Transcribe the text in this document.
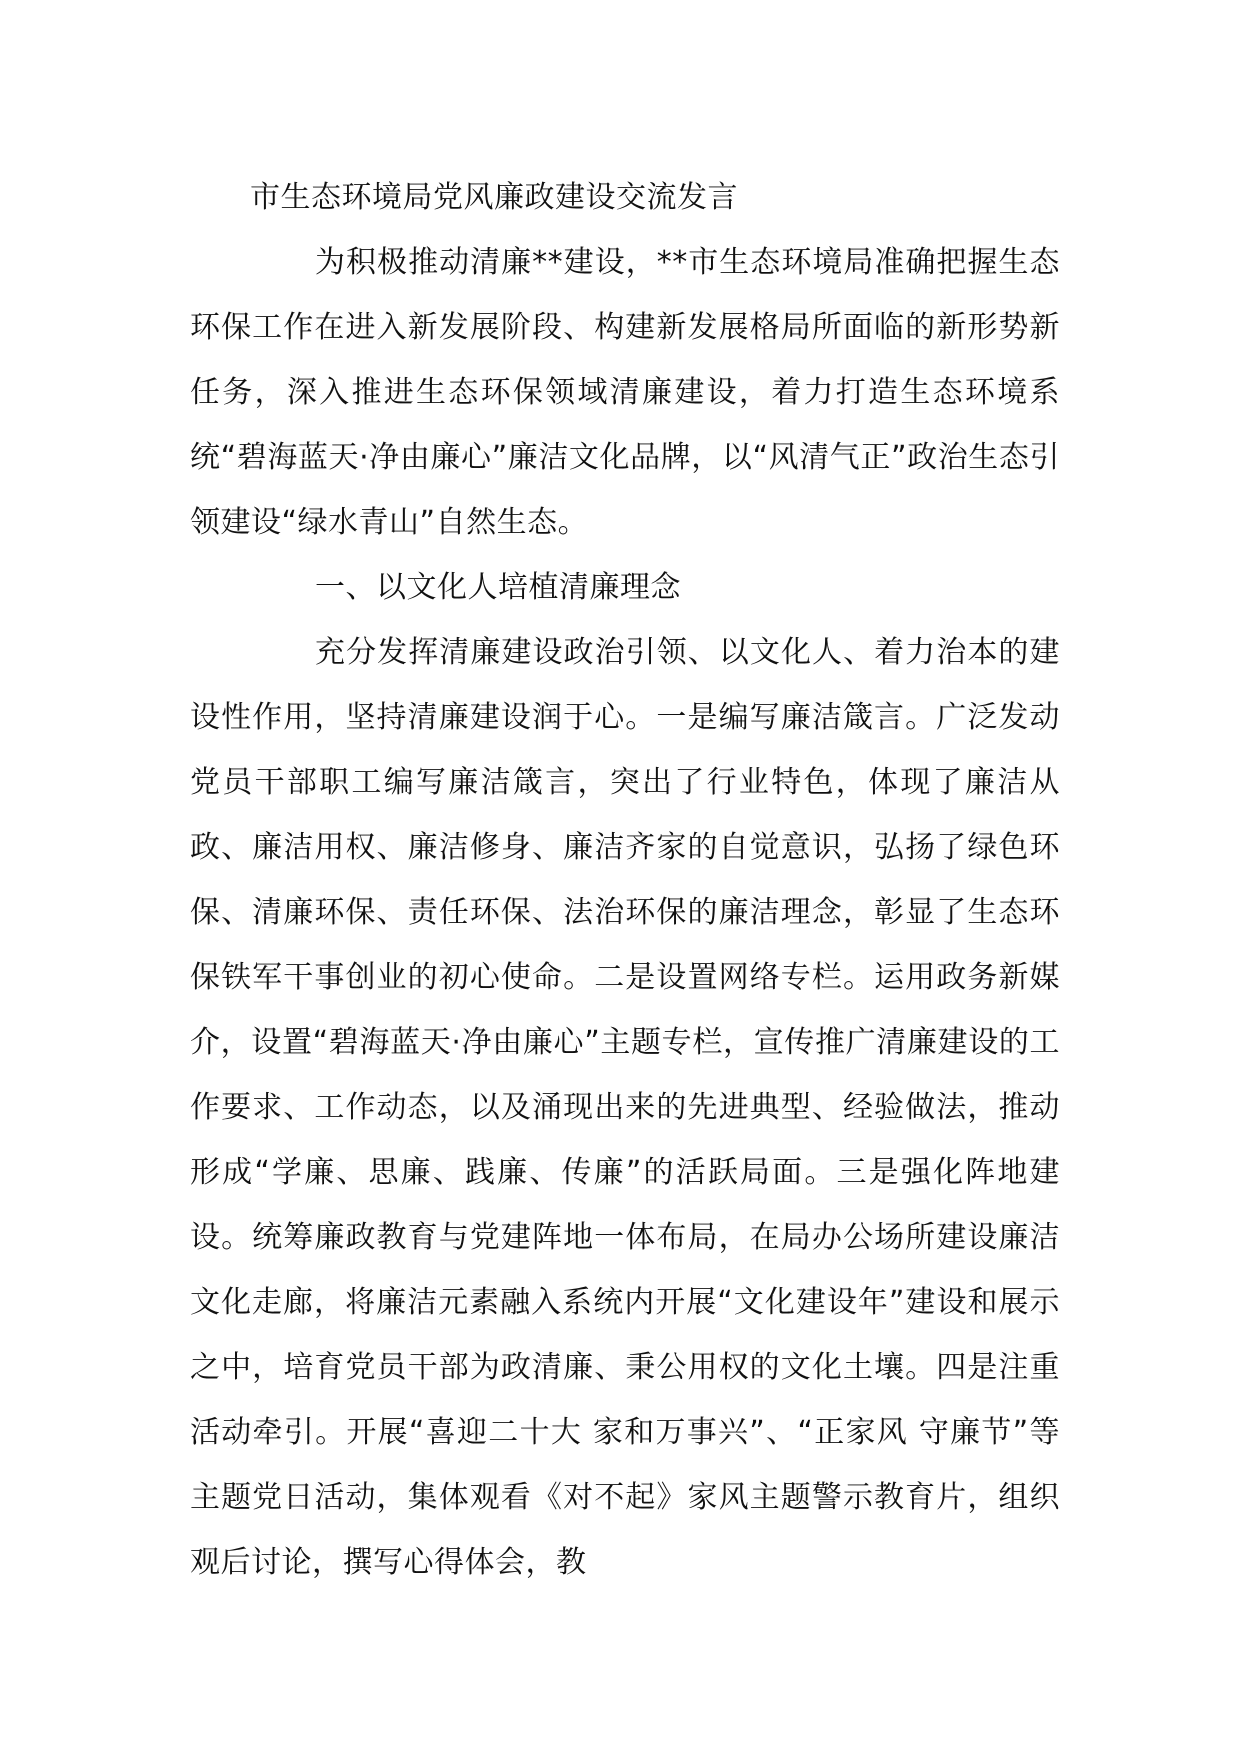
市生态环境局党风廉政建设交流发言

为积极推动清廉**建设，**市生态环境局准确把握生态环保工作在进入新发展阶段、构建新发展格局所面临的新形势新任务，深入推进生态环保领域清廉建设，着力打造生态环境系统“碧海蓝天·净由廉心”廉洁文化品牌，以“风清气正”政治生态引领建设“绿水青山”自然生态。

一、以文化人培植清廉理念

充分发挥清廉建设政治引领、以文化人、着力治本的建设性作用，坚持清廉建设润于心。一是编写廉洁箴言。广泛发动党员干部职工编写廉洁箴言，突出了行业特色，体现了廉洁从政、廉洁用权、廉洁修身、廉洁齐家的自觉意识，弘扬了绿色环保、清廉环保、责任环保、法治环保的廉洁理念，彰显了生态环保铁军干事创业的初心使命。二是设置网络专栏。运用政务新媒介，设置“碧海蓝天·净由廉心”主题专栏，宣传推广清廉建设的工作要求、工作动态，以及涌现出来的先进典型、经验做法，推动形成“学廉、思廉、践廉、传廉”的活跃局面。三是强化阵地建设。统筹廉政教育与党建阵地一体布局，在局办公场所建设廉洁文化走廊，将廉洁元素融入系统内开展“文化建设年”建设和展示之中，培育党员干部为政清廉、秉公用权的文化土壤。四是注重活动牵引。开展“喜迎二十大 家和万事兴”、“正家风 守廉节”等主题党日活动，集体观看《对不起》家风主题警示教育片，组织观后讨论，撰写心得体会，教
